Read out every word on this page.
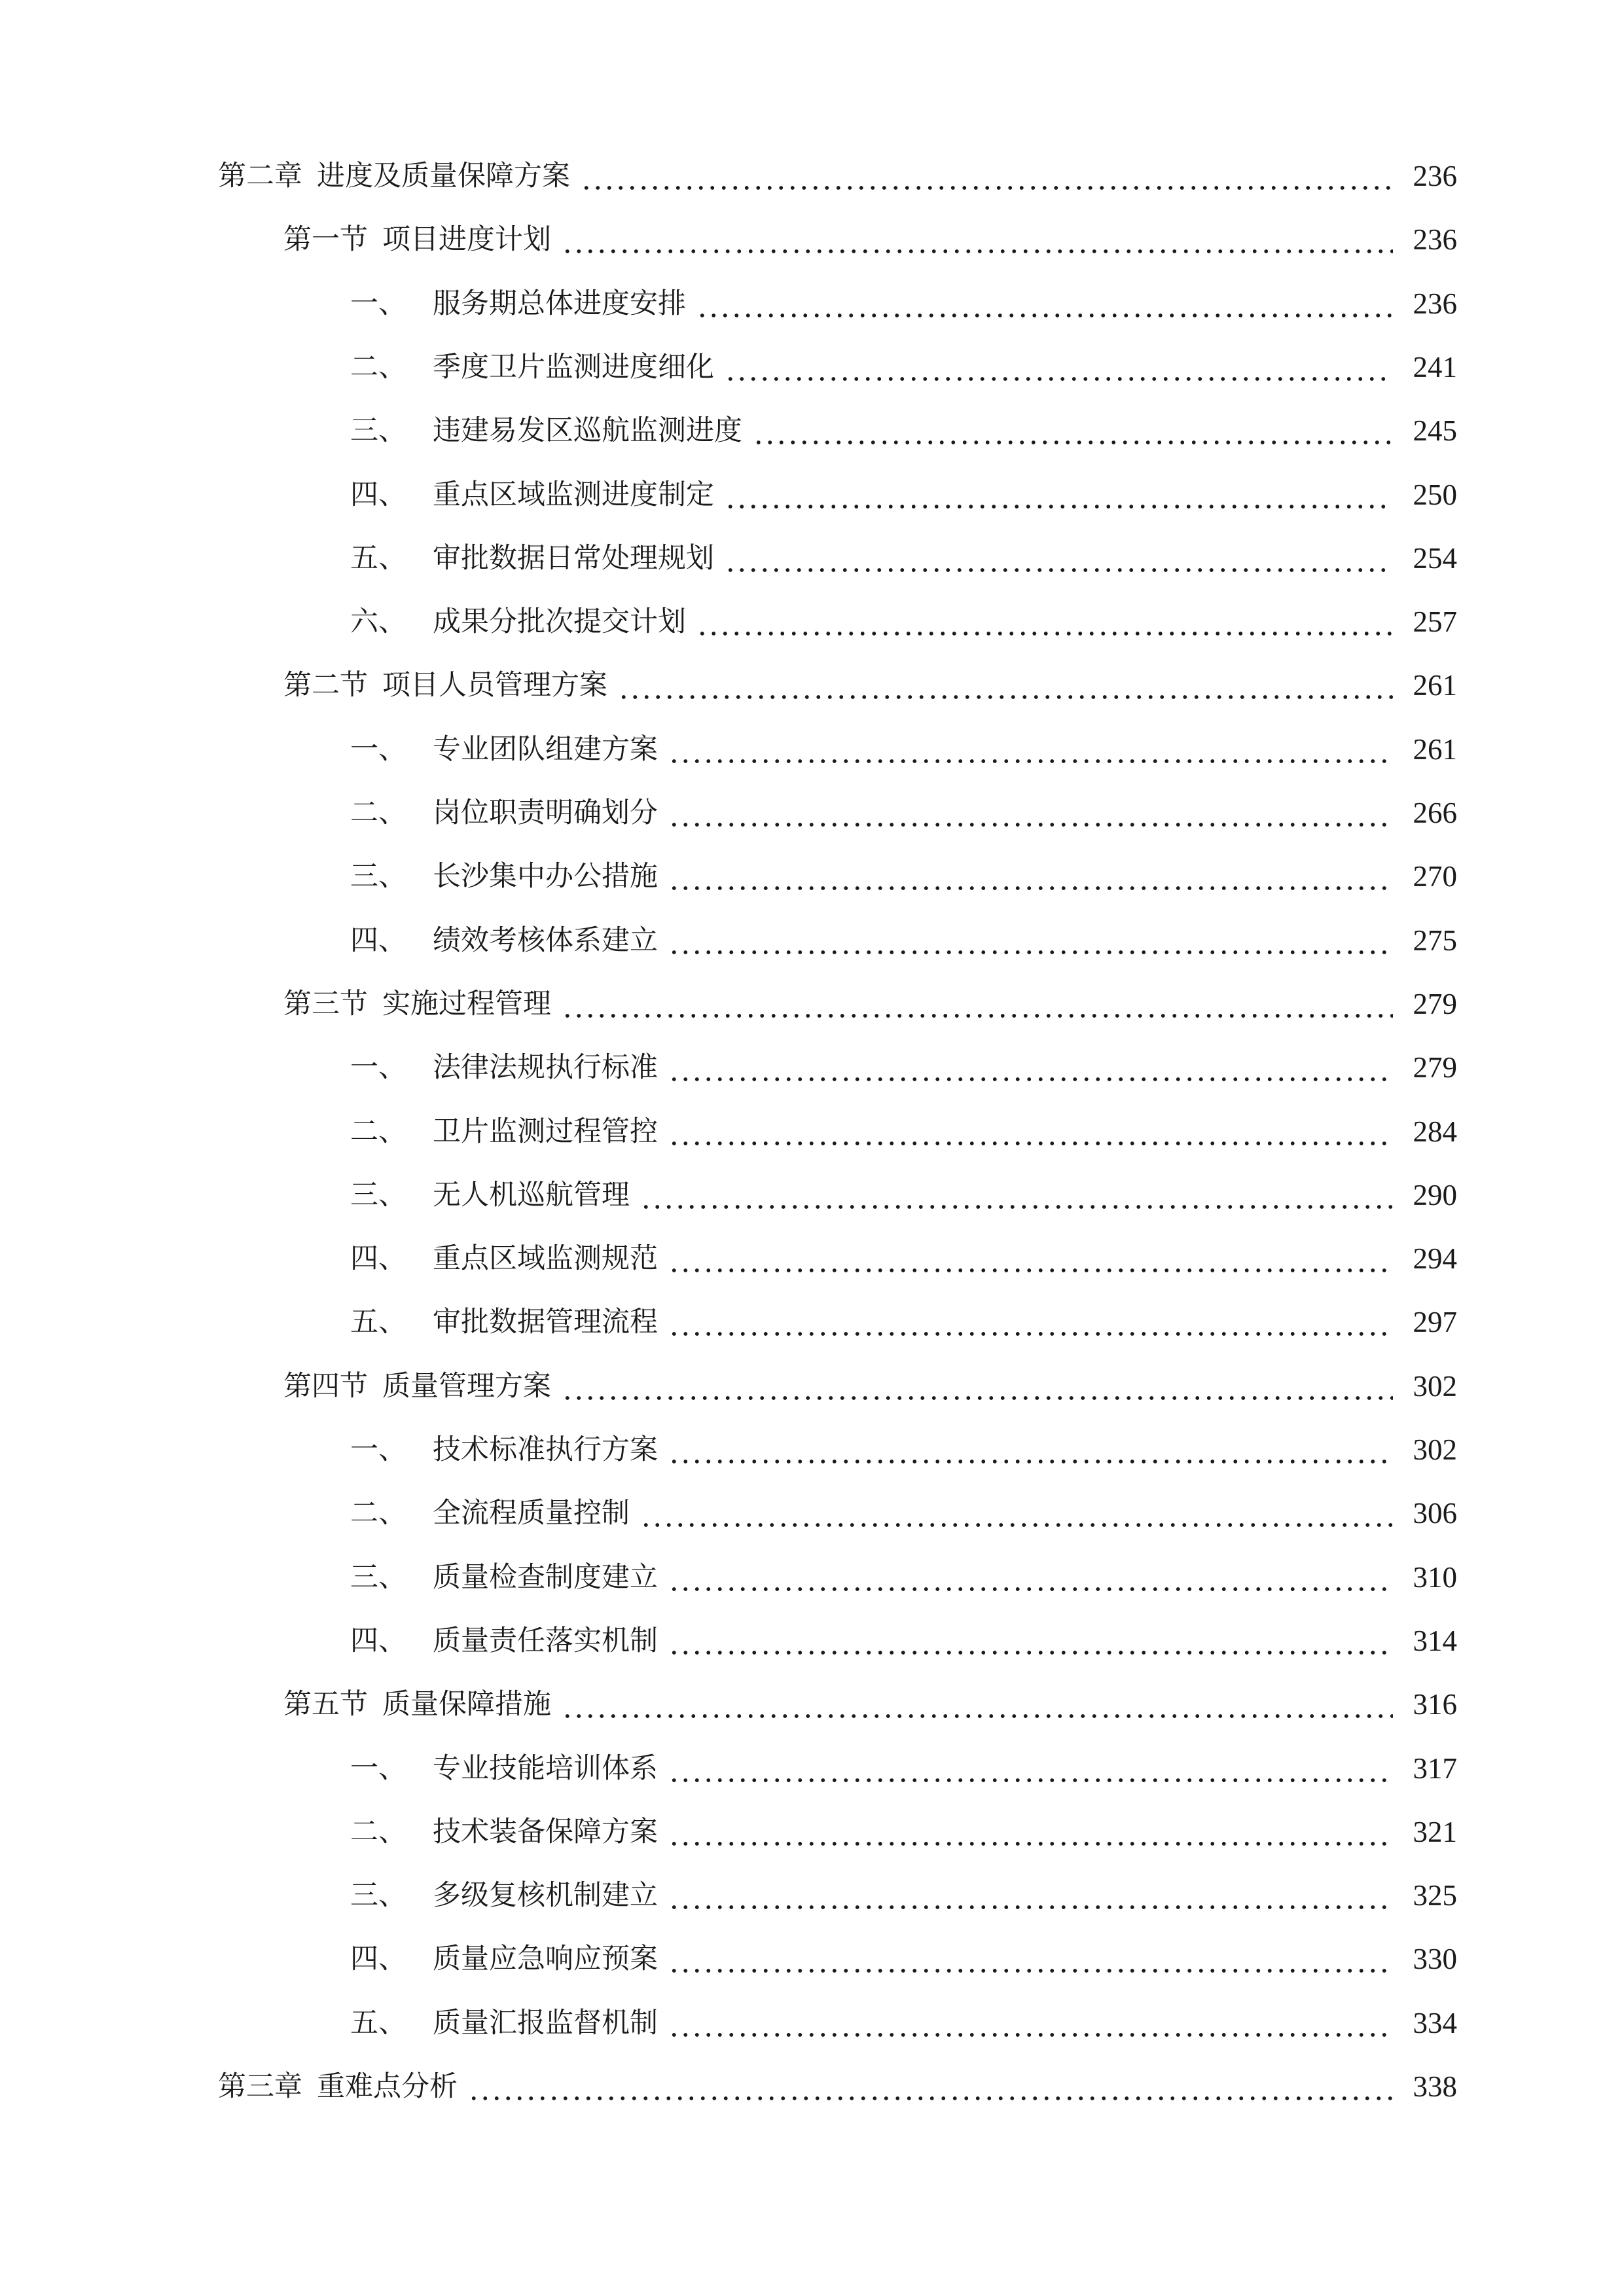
第二章 进度及质量保障方案	236
第一节 项目进度计划	236
一、 服务期总体进度安排	236
二、 季度卫片监测进度细化	241
三、 违建易发区巡航监测进度	245
四、 重点区域监测进度制定	250
五、 审批数据日常处理规划	254
六、 成果分批次提交计划	257
第二节 项目人员管理方案	261
一、 专业团队组建方案	261
二、 岗位职责明确划分	266
三、 长沙集中办公措施	270
四、 绩效考核体系建立	275
第三节 实施过程管理	279
一、 法律法规执行标准	279
二、 卫片监测过程管控	284
三、 无人机巡航管理	290
四、 重点区域监测规范	294
五、 审批数据管理流程	297
第四节 质量管理方案	302
一、 技术标准执行方案	302
二、 全流程质量控制	306
三、 质量检查制度建立	310
四、 质量责任落实机制	314
第五节 质量保障措施	316
一、 专业技能培训体系	317
二、 技术装备保障方案	321
三、 多级复核机制建立	325
四、 质量应急响应预案	330
五、 质量汇报监督机制	334
第三章 重难点分析	338
